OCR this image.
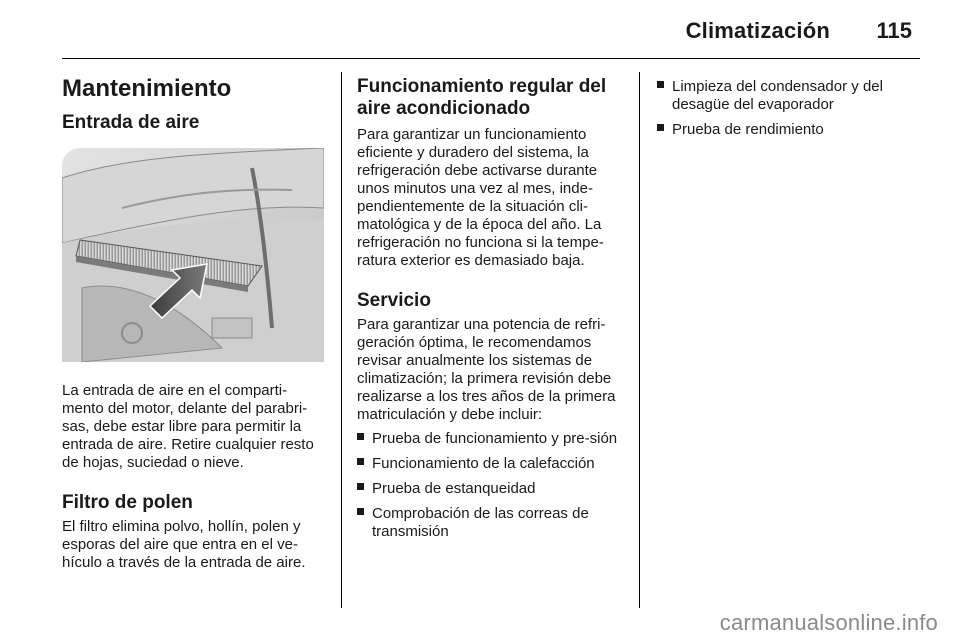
Climatización 115
Mantenimiento
Entrada de aire

La entrada de aire en el comparti-mento del motor, delante del parabri-sas, debe estar libre para permitir la entrada de aire. Retire cualquier resto de hojas, suciedad o nieve.

Filtro de polen

El filtro elimina polvo, hollín, polen y esporas del aire que entra en el ve-hículo a través de la entrada de aire.

Funcionamiento regular del aire acondicionado

Para garantizar un funcionamiento eficiente y duradero del sistema, la refrigeración debe activarse durante unos minutos una vez al mes, inde-pendientemente de la situación cli-matológica y de la época del año. La refrigeración no funciona si la tempe-ratura exterior es demasiado baja.

Servicio

Para garantizar una potencia de refri-geración óptima, le recomendamos revisar anualmente los sistemas de climatización; la primera revisión debe realizarse a los tres años de la primera matriculación y debe incluir:

Prueba de funcionamiento y pre-sión
Funcionamiento de la calefacción
Prueba de estanqueidad
Comprobación de las correas de transmisión
Limpieza del condensador y del desagüe del evaporador
Prueba de rendimiento
carmanualsonline.info
